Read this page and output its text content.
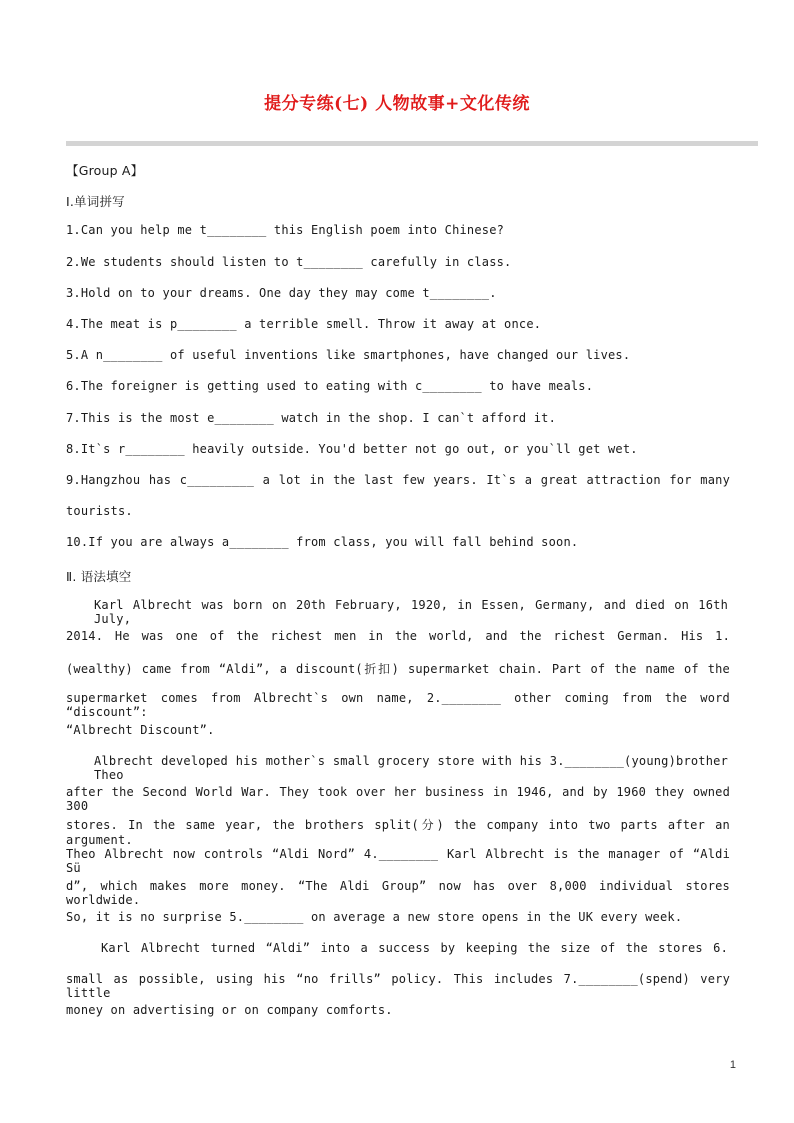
提分专练(七) 人物故事+文化传统
【Group A】
Ⅰ.单词拼写
1.Can you help me t________ this English poem into Chinese?
2.We students should listen to t________ carefully in class.
3.Hold on to your dreams. One day they may come t________.
4.The meat is p________ a terrible smell. Throw it away at once.
5.A n________ of useful inventions like smartphones, have changed our lives.
6.The foreigner is getting used to eating with c________ to have meals.
7.This is the most e________ watch in the shop. I can`t afford it.
8.It`s r________ heavily outside. You'd better not go out, or you`ll get wet.
9.Hangzhou has c_________ a lot in the last few years. It`s a great attraction for many
tourists.
10.If you are always a________ from class, you will fall behind soon.
Ⅱ. 语法填空
Karl Albrecht was born on 20th February, 1920, in Essen, Germany, and died on 16th July,
2014. He was one of the richest men in the world, and the richest German. His 1.
(wealthy) came from “Aldi”, a discount(折扣) supermarket chain. Part of the name of the
supermarket comes from Albrecht`s own name, 2.________ other coming from the word “discount”:
“Albrecht Discount”.
Albrecht developed his mother`s small grocery store with his 3.________(young)brother Theo
after the Second World War. They took over her business in 1946, and by 1960 they owned 300
stores. In the same year, the brothers split(分) the company into two parts after an argument.
Theo Albrecht now controls “Aldi Nord” 4.________ Karl Albrecht is the manager of “Aldi Sü
d”, which makes more money. “The Aldi Group” now has over 8,000 individual stores worldwide.
So, it is no surprise 5.________ on average a new store opens in the UK every week.
Karl Albrecht turned “Aldi” into a success by keeping the size of the stores 6.
small as possible, using his “no frills” policy. This includes 7.________(spend) very little
money on advertising or on company comforts.
1
